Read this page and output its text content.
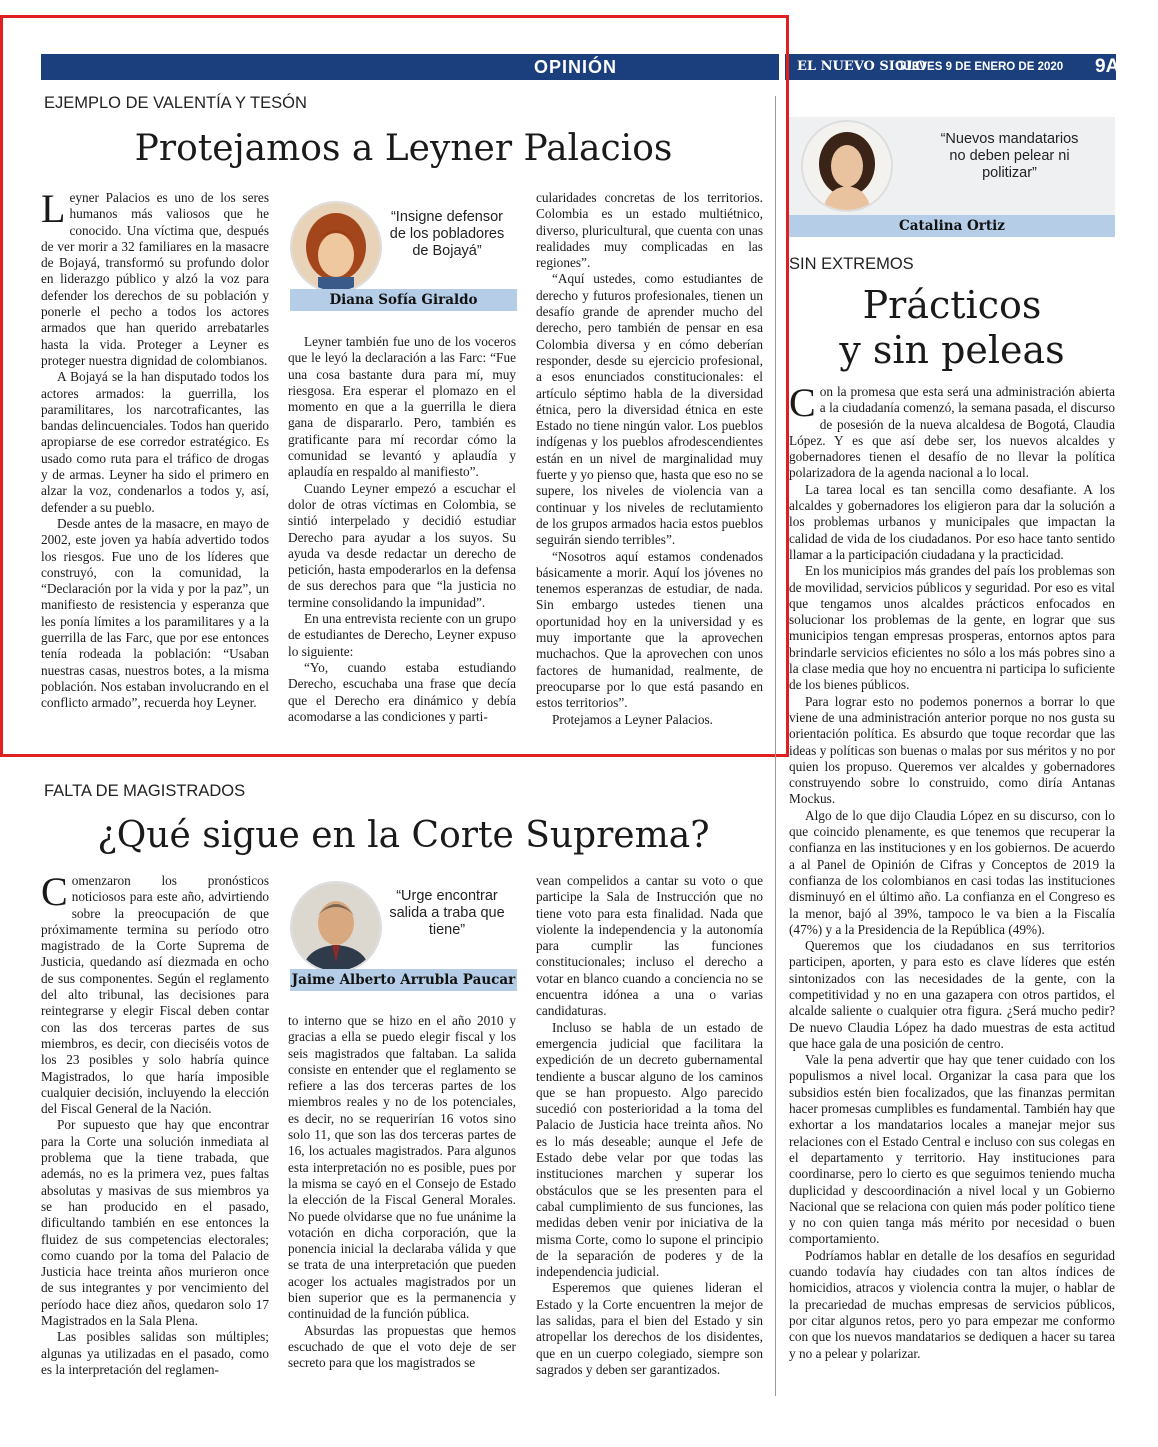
OPINIÓN	EL NUEVO SIGLO
JUEVES 9 DE ENERO DE 2020 9A
EJEMPLO DE VALENTÍA Y TESÓN
Protejamos a Leyner Palacios

Leyner Palacios es uno de los seres humanos más valiosos que he conocido. Una víctima que, después de ver morir a 32 familiares en la masacre de Bojayá, transformó su profundo dolor en liderazgo público y alzó la voz para defender los derechos de su población y ponerle el pecho a todos los actores armados que han querido arrebatarles hasta la vida. Proteger a Leyner es proteger nuestra dignidad de colombianos.

A Bojayá se la han disputado todos los actores armados: la guerrilla, los paramilitares, los narcotraficantes, las bandas delincuenciales. Todos han querido apropiarse de ese corredor estratégico. Es usado como ruta para el tráfico de drogas y de armas. Leyner ha sido el primero en alzar la voz, condenarlos a todos y, así, defender a su pueblo.

Desde antes de la masacre, en mayo de 2002, este joven ya había advertido todos los riesgos. Fue uno de los líderes que construyó, con la comunidad, la “Declaración por la vida y por la paz”, un manifiesto de resistencia y esperanza que les ponía límites a los paramilitares y a la guerrilla de las Farc, que por ese entonces tenía rodeada la población: “Usaban nuestras casas, nuestros botes, a la misma población. Nos estaban involucrando en el conflicto armado”, recuerda hoy Leyner.

“Insigne defensor de los pobladores de Bojayá”
Diana Sofía Giraldo

Leyner también fue uno de los voceros que le leyó la declaración a las Farc: “Fue una cosa bastante dura para mí, muy riesgosa. Era esperar el plomazo en el momento en que a la guerrilla le diera gana de dispararlo. Pero, también es gratificante para mí recordar cómo la comunidad se levantó y aplaudía y aplaudía en respaldo al manifiesto”.

Cuando Leyner empezó a escuchar el dolor de otras víctimas en Colombia, se sintió interpelado y decidió estudiar Derecho para ayudar a los suyos. Su ayuda va desde redactar un derecho de petición, hasta empoderarlos en la defensa de sus derechos para que “la justicia no termine consolidando la impunidad”.

En una entrevista reciente con un grupo de estudiantes de Derecho, Leyner expuso lo siguiente:

“Yo, cuando estaba estudiando Derecho, escuchaba una frase que decía que el Derecho era dinámico y debía acomodarse a las condiciones y parti-

cularidades concretas de los territorios. Colombia es un estado multiétnico, diverso, pluricultural, que cuenta con unas realidades muy complicadas en las regiones”.

“Aquí ustedes, como estudiantes de derecho y futuros profesionales, tienen un desafío grande de aprender mucho del derecho, pero también de pensar en esa Colombia diversa y en cómo deberían responder, desde su ejercicio profesional, a esos enunciados constitucionales: el artículo séptimo habla de la diversidad étnica, pero la diversidad étnica en este Estado no tiene ningún valor. Los pueblos indígenas y los pueblos afrodescendientes están en un nivel de marginalidad muy fuerte y yo pienso que, hasta que eso no se supere, los niveles de violencia van a continuar y los niveles de reclutamiento de los grupos armados hacia estos pueblos seguirán siendo terribles”.

“Nosotros aquí estamos condenados básicamente a morir. Aquí los jóvenes no tenemos esperanzas de estudiar, de nada. Sin embargo ustedes tienen una oportunidad hoy en la universidad y es muy importante que la aprovechen muchachos. Que la aprovechen con unos factores de humanidad, realmente, de preocuparse por lo que está pasando en estos territorios”.

Protejamos a Leyner Palacios.

FALTA DE MAGISTRADOS
¿Qué sigue en la Corte Suprema?

Comenzaron los pronósticos noticiosos para este año, advirtiendo sobre la preocupación de que próximamente termina su período otro magistrado de la Corte Suprema de Justicia, quedando así diezmada en ocho de sus componentes. Según el reglamento del alto tribunal, las decisiones para reintegrarse y elegir Fiscal deben contar con las dos terceras partes de sus miembros, es decir, con dieciséis votos de los 23 posibles y solo habría quince Magistrados, lo que haría imposible cualquier decisión, incluyendo la elección del Fiscal General de la Nación.

Por supuesto que hay que encontrar para la Corte una solución inmediata al problema que la tiene trabada, que además, no es la primera vez, pues faltas absolutas y masivas de sus miembros ya se han producido en el pasado, dificultando también en ese entonces la fluidez de sus competencias electorales; como cuando por la toma del Palacio de Justicia hace treinta años murieron once de sus integrantes y por vencimiento del período hace diez años, quedaron solo 17 Magistrados en la Sala Plena.

Las posibles salidas son múltiples; algunas ya utilizadas en el pasado, como es la interpretación del reglamen-

“Urge encontrar salida a traba que tiene”
Jaime Alberto Arrubla Paucar

to interno que se hizo en el año 2010 y gracias a ella se puedo elegir fiscal y los seis magistrados que faltaban. La salida consiste en entender que el reglamento se refiere a las dos terceras partes de los miembros reales y no de los potenciales, es decir, no se requerirían 16 votos sino solo 11, que son las dos terceras partes de 16, los actuales magistrados. Para algunos esta interpretación no es posible, pues por la misma se cayó en el Consejo de Estado la elección de la Fiscal General Morales. No puede olvidarse que no fue unánime la votación en dicha corporación, que la ponencia inicial la declaraba válida y que se trata de una interpretación que pueden acoger los actuales magistrados por un bien superior que es la permanencia y continuidad de la función pública.

Absurdas las propuestas que hemos escuchado de que el voto deje de ser secreto para que los magistrados se

vean compelidos a cantar su voto o que participe la Sala de Instrucción que no tiene voto para esta finalidad. Nada que violente la independencia y la autonomía para cumplir las funciones constitucionales; incluso el derecho a votar en blanco cuando a conciencia no se encuentra idónea a una o varias candidaturas.

Incluso se habla de un estado de emergencia judicial que facilitara la expedición de un decreto gubernamental tendiente a buscar alguno de los caminos que se han propuesto. Algo parecido sucedió con posterioridad a la toma del Palacio de Justicia hace treinta años. No es lo más deseable; aunque el Jefe de Estado debe velar por que todas las instituciones marchen y superar los obstáculos que se les presenten para el cabal cumplimiento de sus funciones, las medidas deben venir por iniciativa de la misma Corte, como lo supone el principio de la separación de poderes y de la independencia judicial.

Esperemos que quienes lideran el Estado y la Corte encuentren la mejor de las salidas, para el bien del Estado y sin atropellar los derechos de los disidentes, que en un cuerpo colegiado, siempre son sagrados y deben ser garantizados.

“Nuevos mandatarios no deben pelear ni politizar”
Catalina Ortiz
SIN EXTREMOS
Prácticos
y sin peleas

Con la promesa que esta será una administración abierta a la ciudadanía comenzó, la semana pasada, el discurso de posesión de la nueva alcaldesa de Bogotá, Claudia López. Y es que así debe ser, los nuevos alcaldes y gobernadores tienen el desafío de no llevar la política polarizadora de la agenda nacional a lo local.

La tarea local es tan sencilla como desafiante. A los alcaldes y gobernadores los eligieron para dar la solución a los problemas urbanos y municipales que impactan la calidad de vida de los ciudadanos. Por eso hace tanto sentido llamar a la participación ciudadana y la practicidad.

En los municipios más grandes del país los problemas son de movilidad, servicios públicos y seguridad. Por eso es vital que tengamos unos alcaldes prácticos enfocados en solucionar los problemas de la gente, en lograr que sus municipios tengan empresas prosperas, entornos aptos para brindarle servicios eficientes no sólo a los más pobres sino a la clase media que hoy no encuentra ni participa lo suficiente de los bienes públicos.

Para lograr esto no podemos ponernos a borrar lo que viene de una administración anterior porque no nos gusta su orientación política. Es absurdo que toque recordar que las ideas y políticas son buenas o malas por sus méritos y no por quien los propuso. Queremos ver alcaldes y gobernadores construyendo sobre lo construido, como diría Antanas Mockus.

Algo de lo que dijo Claudia López en su discurso, con lo que coincido plenamente, es que tenemos que recuperar la confianza en las instituciones y en los gobiernos. De acuerdo a al Panel de Opinión de Cifras y Conceptos de 2019 la confianza de los colombianos en casi todas las instituciones disminuyó en el último año. La confianza en el Congreso es la menor, bajó al 39%, tampoco le va bien a la Fiscalía (47%) y a la Presidencia de la República (49%).

Queremos que los ciudadanos en sus territorios participen, aporten, y para esto es clave líderes que estén sintonizados con las necesidades de la gente, con la competitividad y no en una gazapera con otros partidos, el alcalde saliente o cualquier otra figura. ¿Será mucho pedir? De nuevo Claudia López ha dado muestras de esta actitud que hace gala de una posición de centro.

Vale la pena advertir que hay que tener cuidado con los populismos a nivel local. Organizar la casa para que los subsidios estén bien focalizados, que las finanzas permitan hacer promesas cumplibles es fundamental. También hay que exhortar a los mandatarios locales a manejar mejor sus relaciones con el Estado Central e incluso con sus colegas en el departamento y territorio. Hay instituciones para coordinarse, pero lo cierto es que seguimos teniendo mucha duplicidad y descoordinación a nivel local y un Gobierno Nacional que se relaciona con quien más poder político tiene y no con quien tanga más mérito por necesidad o buen comportamiento.

Podríamos hablar en detalle de los desafíos en seguridad cuando todavía hay ciudades con tan altos índices de homicidios, atracos y violencia contra la mujer, o hablar de la precariedad de muchas empresas de servicios públicos, por citar algunos retos, pero yo para empezar me conformo con que los nuevos mandatarios se dediquen a hacer su tarea y no a pelear y polarizar.
